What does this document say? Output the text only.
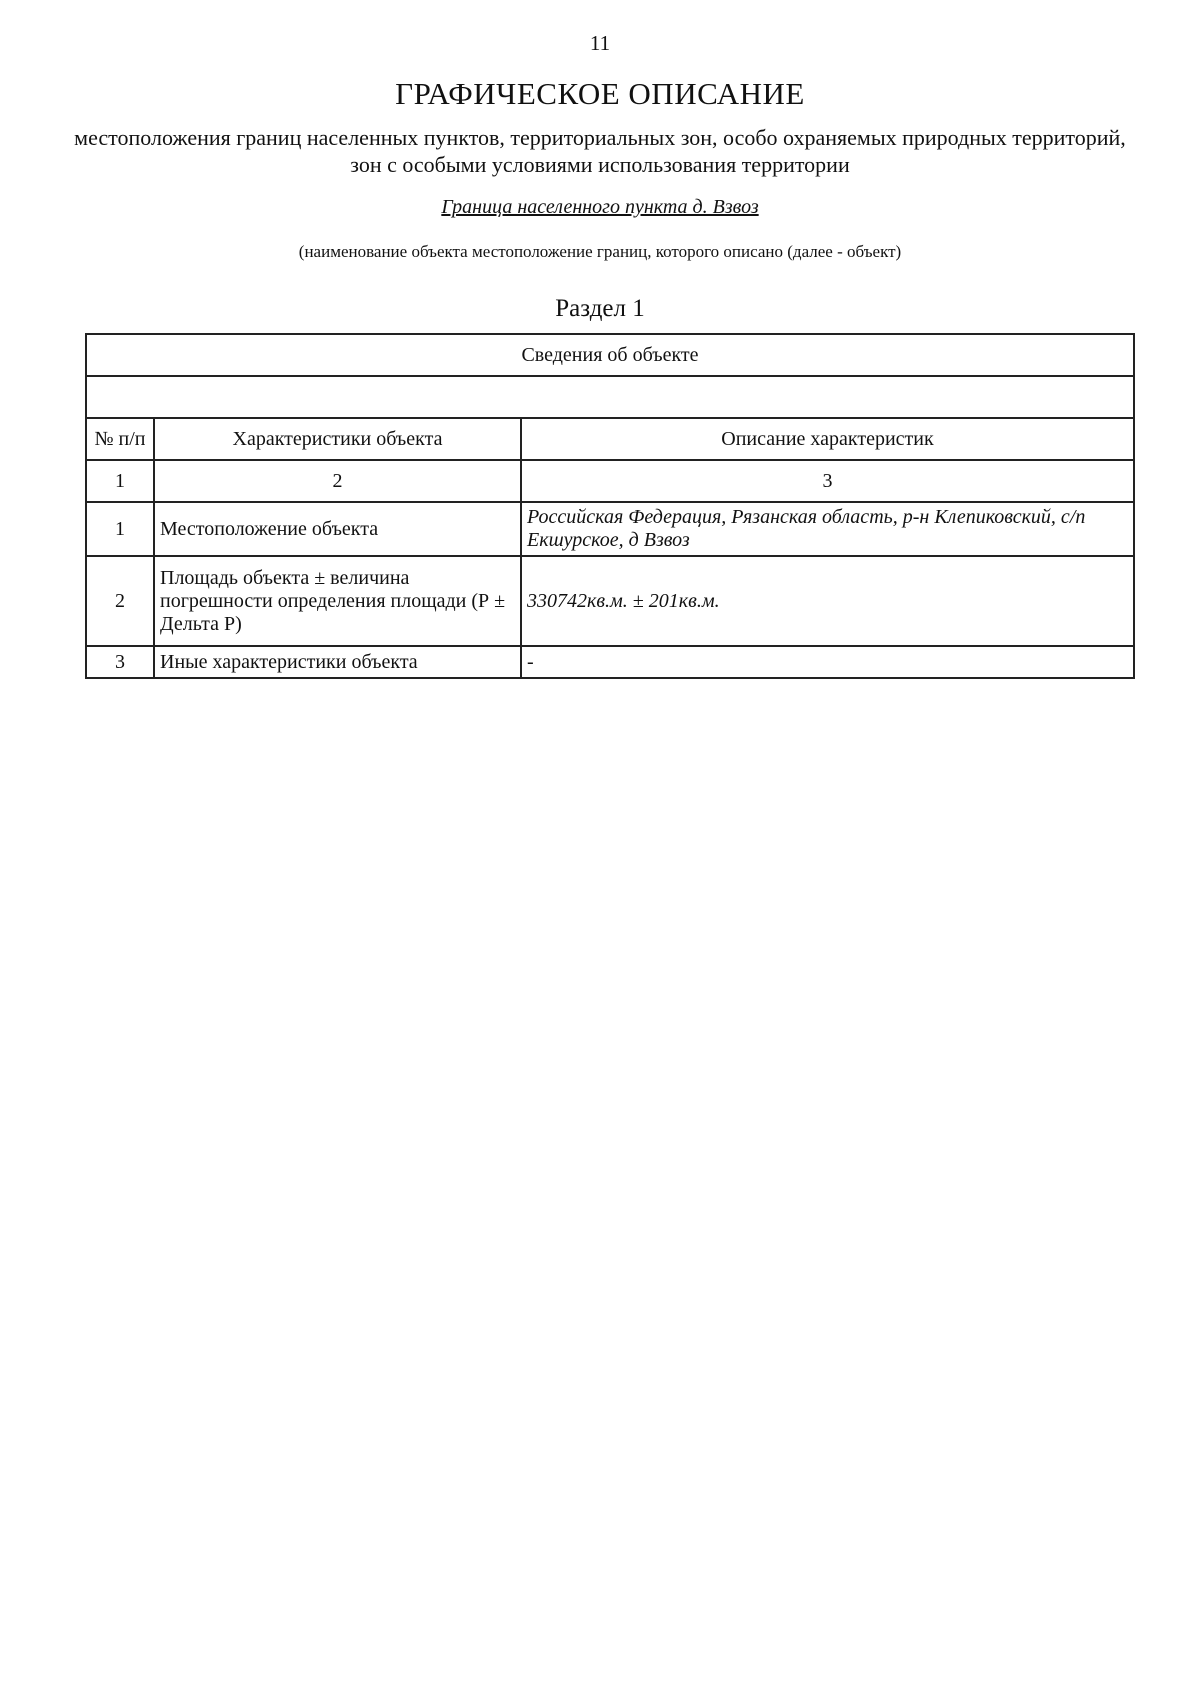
11
ГРАФИЧЕСКОЕ ОПИСАНИЕ
местоположения границ населенных пунктов, территориальных зон, особо охраняемых природных территорий, зон с особыми условиями использования территории
Граница населенного пункта д. Взвоз
(наименование объекта местоположение границ, которого описано (далее - объект)
Раздел 1
Сведения об объекте		

№ п/п	Характеристики объекта	Описание характеристик
1	2	3
1	Местоположение объекта	Российская Федерация, Рязанская область, р-н Клепиковский, с/п Екшурское, д Взвоз
2	Площадь объекта ± величина погрешности определения площади (Р ± Дельта Р)	330742кв.м. ± 201кв.м.
3	Иные характеристики объекта	-
